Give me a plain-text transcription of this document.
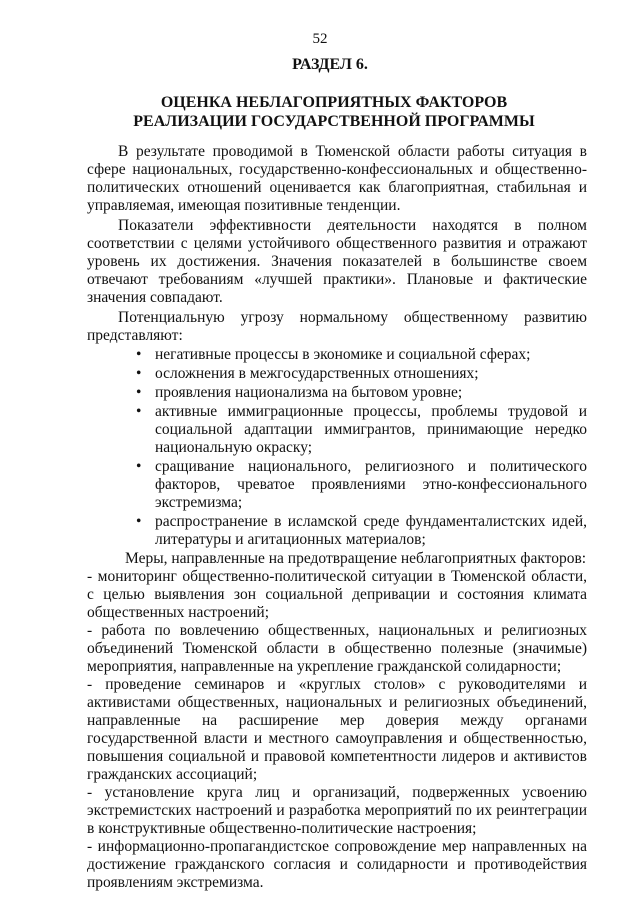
52
РАЗДЕЛ 6.
ОЦЕНКА НЕБЛАГОПРИЯТНЫХ ФАКТОРОВ
РЕАЛИЗАЦИИ ГОСУДАРСТВЕННОЙ ПРОГРАММЫ

В результате проводимой в Тюменской области работы ситуация в сфере национальных, государственно-конфессиональных и общественно-политических отношений оценивается как благоприятная, стабильная и управляемая, имеющая позитивные тенденции.

Показатели эффективности деятельности находятся в полном соответствии с целями устойчивого общественного развития и отражают уровень их достижения. Значения показателей в большинстве своем отвечают требованиям «лучшей практики». Плановые и фактические значения совпадают.

Потенциальную угрозу нормальному общественному развитию представляют:

• негативные процессы в экономике и социальной сферах;
• осложнения в межгосударственных отношениях;
• проявления национализма на бытовом уровне;
• активные иммиграционные процессы, проблемы трудовой и социальной адаптации иммигрантов, принимающие нередко национальную окраску;
• сращивание национального, религиозного и политического факторов, чреватое проявлениями этно-конфессионального экстремизма;
• распространение в исламской среде фундаменталистских идей, литературы и агитационных материалов;

Меры, направленные на предотвращение неблагоприятных факторов:

- мониторинг общественно-политической ситуации в Тюменской области, с целью выявления зон социальной депривации и состояния климата общественных настроений;

- работа по вовлечению общественных, национальных и религиозных объединений Тюменской области в общественно полезные (значимые) мероприятия, направленные на укрепление гражданской солидарности;

- проведение семинаров и «круглых столов» с руководителями и активистами общественных, национальных и религиозных объединений, направленные на расширение мер доверия между органами государственной власти и местного самоуправления и общественностью, повышения социальной и правовой компетентности лидеров и активистов гражданских ассоциаций;

- установление круга лиц и организаций, подверженных усвоению экстремистских настроений и разработка мероприятий по их реинтеграции в конструктивные общественно-политические настроения;

- информационно-пропагандистское сопровождение мер направленных на достижение гражданского согласия и солидарности и противодействия проявлениям экстремизма.
